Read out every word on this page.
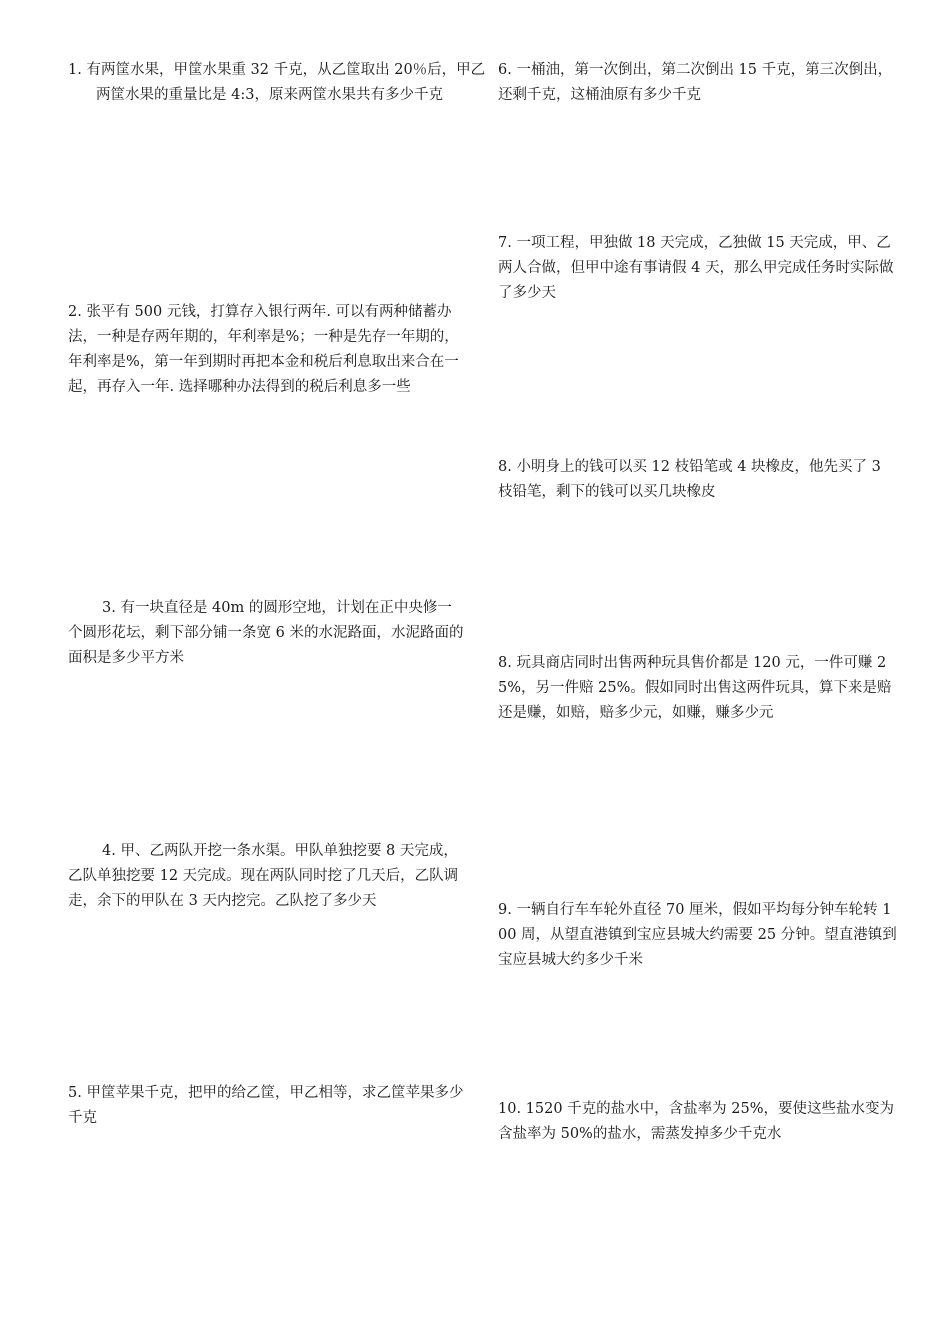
1. 有两筐水果，甲筐水果重 32 千克，从乙筐取出 20％后，甲乙两筐水果的重量比是 4:3，原来两筐水果共有多少千克

2. 张平有 500 元钱，打算存入银行两年. 可以有两种储蓄办法，一种是存两年期的，年利率是%；一种是先存一年期的，年利率是%，第一年到期时再把本金和税后利息取出来合在一起，再存入一年. 选择哪种办法得到的税后利息多一些

3. 有一块直径是 40m 的圆形空地，计划在正中央修一个圆形花坛，剩下部分铺一条宽 6 米的水泥路面，水泥路面的面积是多少平方米

4. 甲、乙两队开挖一条水渠。甲队单独挖要 8 天完成，乙队单独挖要 12 天完成。现在两队同时挖了几天后，乙队调走，余下的甲队在 3 天内挖完。乙队挖了多少天

5. 甲筐苹果千克，把甲的给乙筐，甲乙相等，求乙筐苹果多少千克

6. 一桶油，第一次倒出，第二次倒出 15 千克，第三次倒出，还剩千克，这桶油原有多少千克

7. 一项工程，甲独做 18 天完成，乙独做 15 天完成，甲、乙两人合做，但甲中途有事请假 4 天，那么甲完成任务时实际做了多少天

8. 小明身上的钱可以买 12 枝铅笔或 4 块橡皮，他先买了 3 枝铅笔，剩下的钱可以买几块橡皮

8. 玩具商店同时出售两种玩具售价都是 120 元，一件可赚 25%，另一件赔 25%。假如同时出售这两件玩具，算下来是赔还是赚，如赔，赔多少元，如赚，赚多少元

9. 一辆自行车车轮外直径 70 厘米，假如平均每分钟车轮转 100 周，从望直港镇到宝应县城大约需要 25 分钟。望直港镇到宝应县城大约多少千米

10. 1520 千克的盐水中，含盐率为 25%，要使这些盐水变为含盐率为 50%的盐水，需蒸发掉多少千克水
